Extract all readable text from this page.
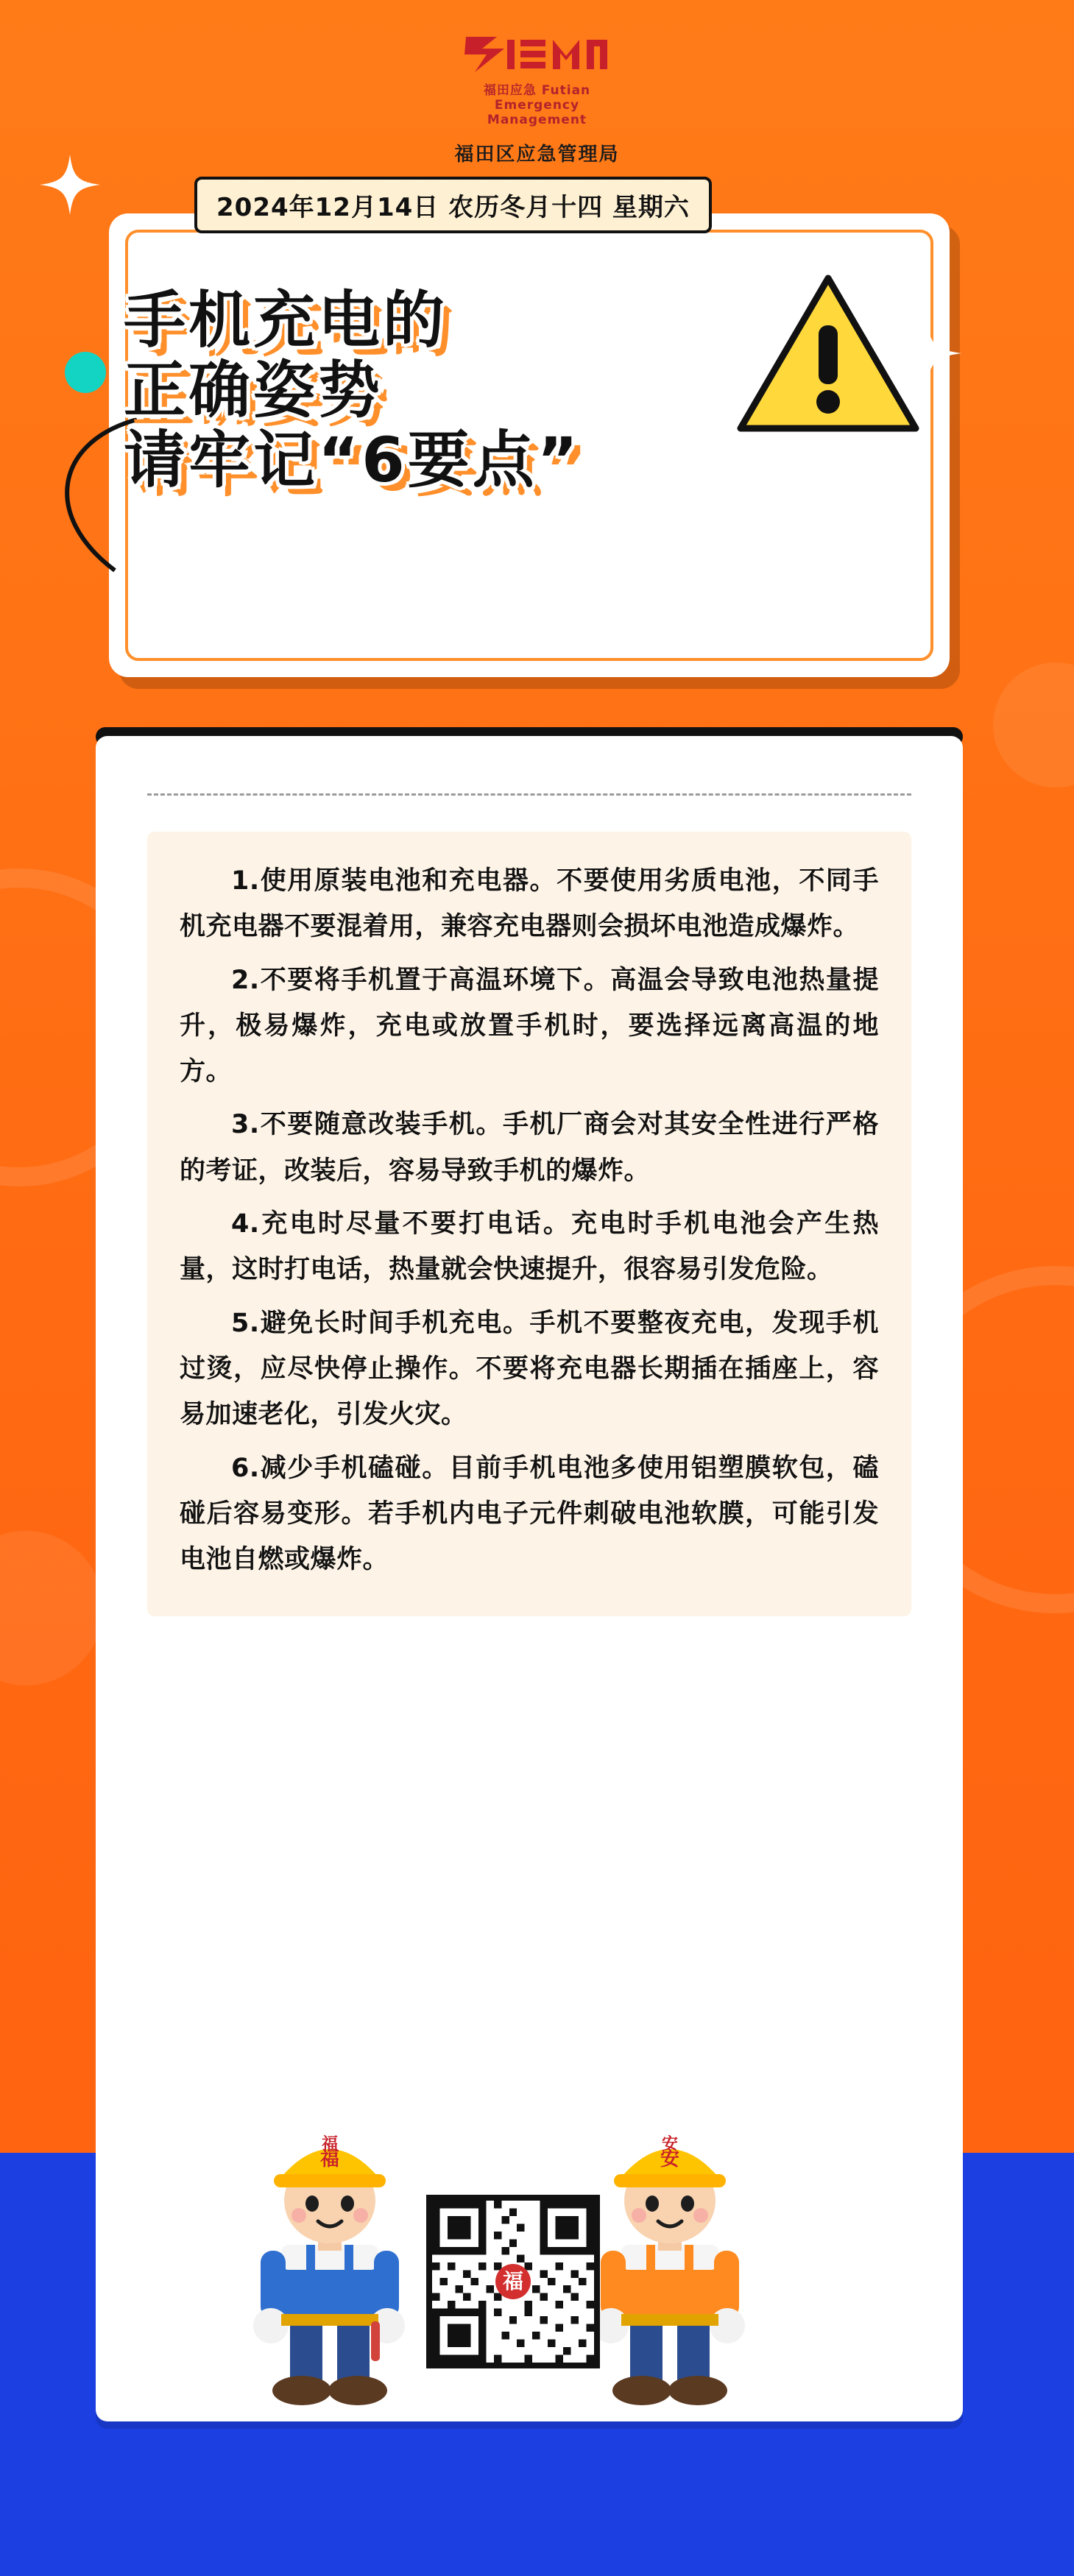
福田应急 Futian Emergency Management
福田区应急管理局
2024年12月14日 农历冬月十四 星期六
手机充电的
正确姿势
请牢记“6要点”

1.使用原装电池和充电器。不要使用劣质电池，不同手机充电器不要混着用，兼容充电器则会损坏电池造成爆炸。

2.不要将手机置于高温环境下。高温会导致电池热量提升，极易爆炸，充电或放置手机时，要选择远离高温的地方。

3.不要随意改装手机。手机厂商会对其安全性进行严格的考证，改装后，容易导致手机的爆炸。

4.充电时尽量不要打电话。充电时手机电池会产生热量，这时打电话，热量就会快速提升，很容易引发危险。

5.避免长时间手机充电。手机不要整夜充电，发现手机过烫，应尽快停止操作。不要将充电器长期插在插座上，容易加速老化，引发火灾。

6.减少手机磕碰。目前手机电池多使用铝塑膜软包，磕碰后容易变形。若手机内电子元件刺破电池软膜，可能引发电池自燃或爆炸。

福
福
安
安
福
